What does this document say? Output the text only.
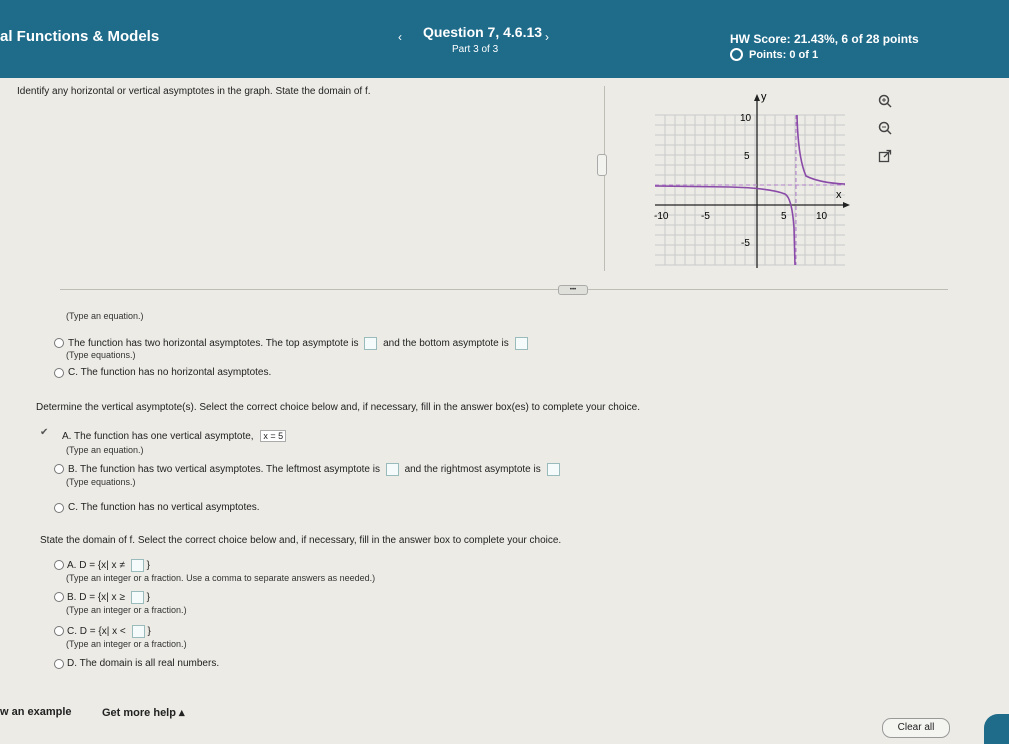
al Functions & Models	‹ Question 7, 4.6.13
Part 3 of 3
›	HW Score: 21.43%, 6 of 28 points
Points: 0 of 1
Identify any horizontal or vertical asymptotes in the graph. State the domain of f.	y
x
10
5
-5
-10	-5	5	10
•••
(Type an equation.)
The function has two horizontal asymptotes. The top asymptote is and the bottom asymptote is
(Type equations.)
C. The function has no horizontal asymptotes.
Determine the vertical asymptote(s). Select the correct choice below and, if necessary, fill in the answer box(es) to complete your choice.
✔ A. The function has one vertical asymptote, x = 5
(Type an equation.)
B. The function has two vertical asymptotes. The leftmost asymptote is and the rightmost asymptote is
(Type equations.)
C. The function has no vertical asymptotes.
State the domain of f. Select the correct choice below and, if necessary, fill in the answer box to complete your choice.
A. D = {x| x ≠ }
(Type an integer or a fraction. Use a comma to separate answers as needed.)
B. D = {x| x ≥ }
(Type an integer or a fraction.)
C. D = {x| x < }
(Type an integer or a fraction.)
D. The domain is all real numbers.
w an example	Get more help ▴
Clear all
